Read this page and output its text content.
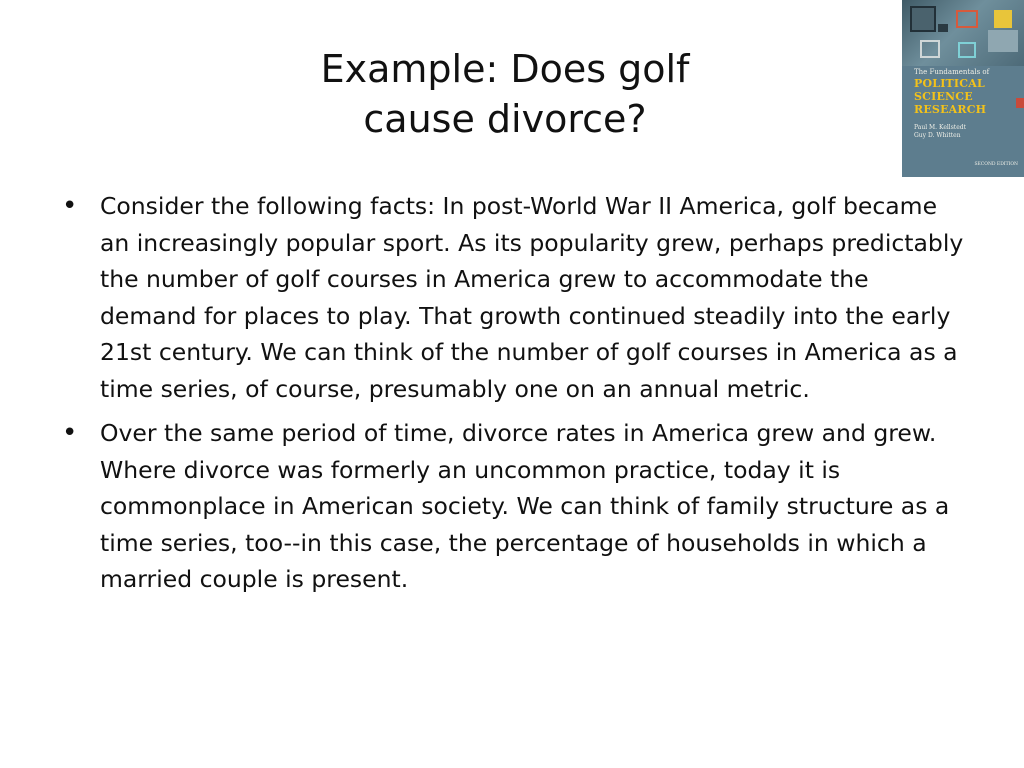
Example: Does golf
cause divorce?
• Consider the following facts: In post-World War II America, golf became an increasingly popular sport. As its popularity grew, perhaps predictably the number of golf courses in America grew to accommodate the demand for places to play. That growth continued steadily into the early 21st century. We can think of the number of golf courses in America as a time series, of course, presumably one on an annual metric.
• Over the same period of time, divorce rates in America grew and grew. Where divorce was formerly an uncommon practice, today it is commonplace in American society. We can think of family structure as a time series, too--in this case, the percentage of households in which a married couple is present.
The Fundamentals of
POLITICAL
SCIENCE
RESEARCH
Paul M. Kellstedt
Guy D. Whitten
SECOND EDITION
